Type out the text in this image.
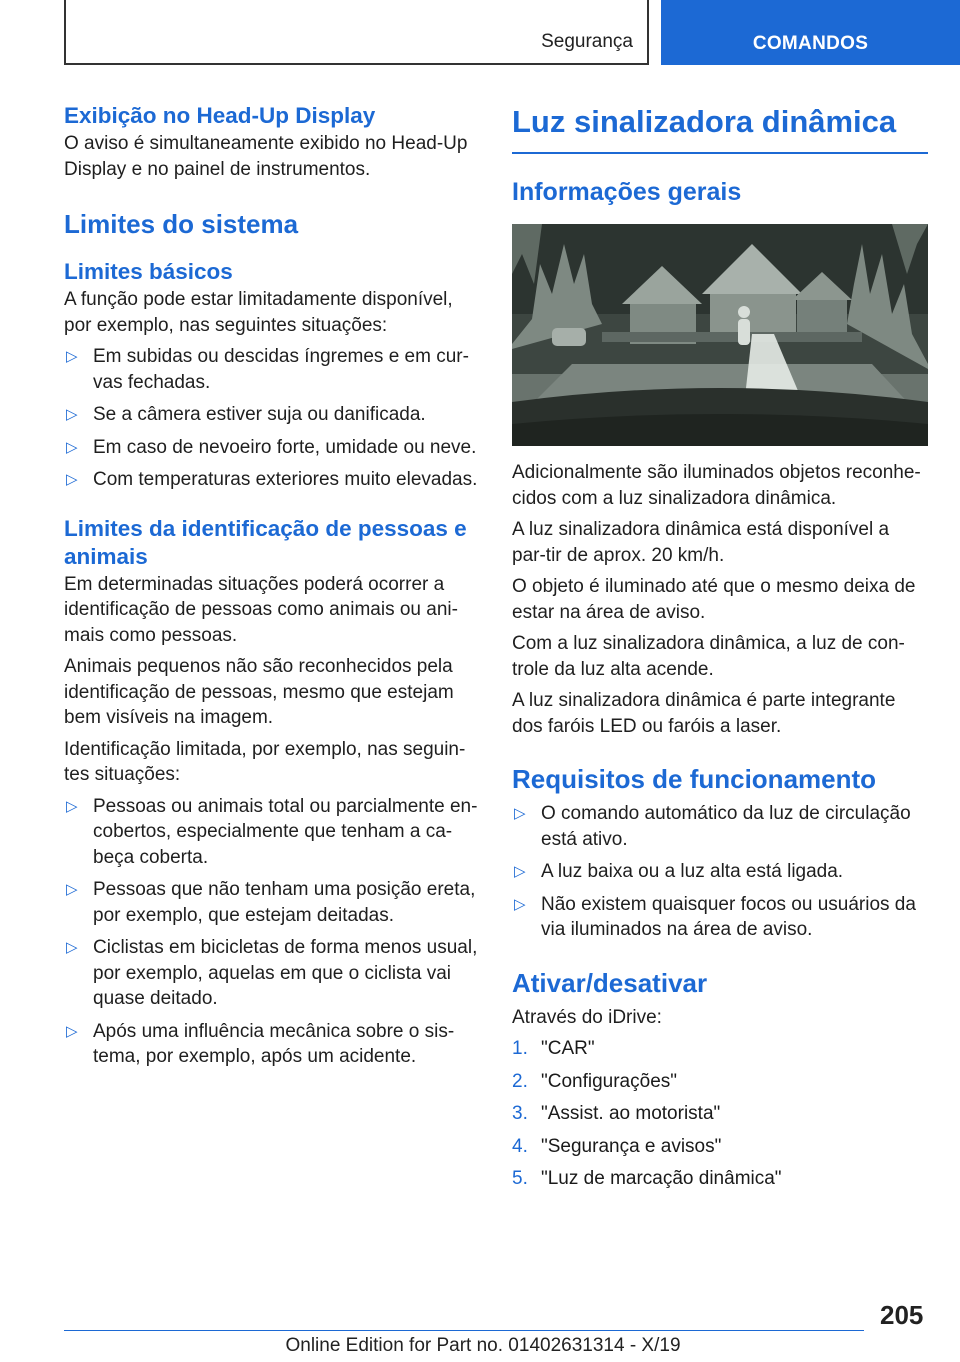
Segurança	COMANDOS
Exibição no Head-Up Display

O aviso é simultaneamente exibido no Head-Up Display e no painel de instrumentos.

Limites do sistema
Limites básicos

A função pode estar limitadamente disponível, por exemplo, nas seguintes situações:

▷ Em subidas ou descidas íngremes e em cur-vas fechadas.
▷ Se a câmera estiver suja ou danificada.
▷ Em caso de nevoeiro forte, umidade ou neve.
▷ Com temperaturas exteriores muito elevadas.
Limites da identificação de pessoas e animais

Em determinadas situações poderá ocorrer a identificação de pessoas como animais ou ani-mais como pessoas.

Animais pequenos não são reconhecidos pela identificação de pessoas, mesmo que estejam bem visíveis na imagem.

Identificação limitada, por exemplo, nas seguin-tes situações:

▷ Pessoas ou animais total ou parcialmente en-cobertos, especialmente que tenham a ca-beça coberta.
▷ Pessoas que não tenham uma posição ereta, por exemplo, que estejam deitadas.
▷ Ciclistas em bicicletas de forma menos usual, por exemplo, aquelas em que o ciclista vai quase deitado.
▷ Após uma influência mecânica sobre o sis-tema, por exemplo, após um acidente.
Luz sinalizadora dinâmica
Informações gerais

Adicionalmente são iluminados objetos reconhe-cidos com a luz sinalizadora dinâmica.

A luz sinalizadora dinâmica está disponível a par-tir de aprox. 20 km/h.

O objeto é iluminado até que o mesmo deixa de estar na área de aviso.

Com a luz sinalizadora dinâmica, a luz de con-trole da luz alta acende.

A luz sinalizadora dinâmica é parte integrante dos faróis LED ou faróis a laser.

Requisitos de funcionamento
▷ O comando automático da luz de circulação está ativo.
▷ A luz baixa ou a luz alta está ligada.
▷ Não existem quaisquer focos ou usuários da via iluminados na área de aviso.
Ativar/desativar

Através do iDrive:

1. "CAR"
2. "Configurações"
3. "Assist. ao motorista"
4. "Segurança e avisos"
5. "Luz de marcação dinâmica"
205
Online Edition for Part no. 01402631314 - X/19
